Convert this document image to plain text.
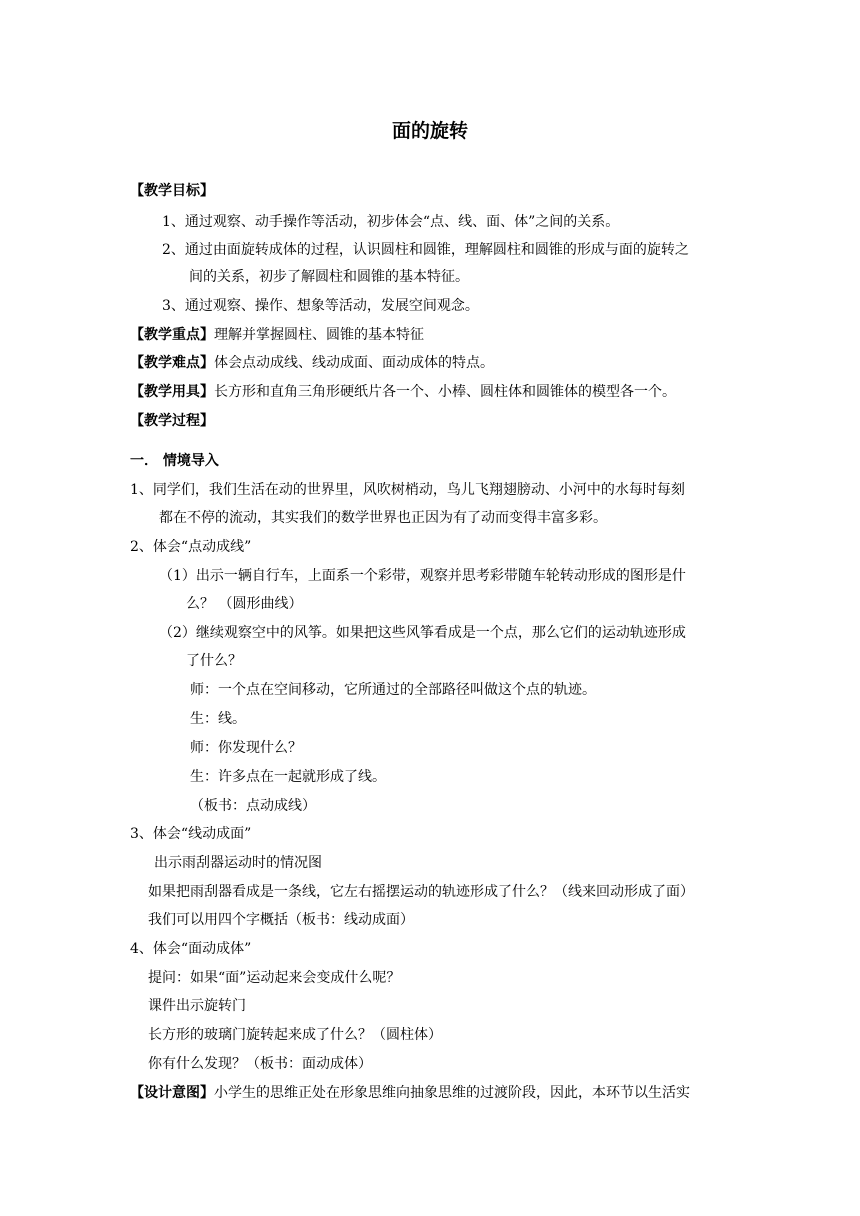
面的旋转
【教学目标】
1、通过观察、动手操作等活动，初步体会“点、线、面、体”之间的关系。
2、通过由面旋转成体的过程，认识圆柱和圆锥，理解圆柱和圆锥的形成与面的旋转之
间的关系，初步了解圆柱和圆锥的基本特征。
3、通过观察、操作、想象等活动，发展空间观念。
【教学重点】理解并掌握圆柱、圆锥的基本特征
【教学难点】体会点动成线、线动成面、面动成体的特点。
【教学用具】长方形和直角三角形硬纸片各一个、小棒、圆柱体和圆锥体的模型各一个。
【教学过程】
一． 情境导入
1、同学们，我们生活在动的世界里，风吹树梢动，鸟儿飞翔翅膀动、小河中的水每时每刻
都在不停的流动，其实我们的数学世界也正因为有了动而变得丰富多彩。
2、体会“点动成线”
（1）出示一辆自行车，上面系一个彩带，观察并思考彩带随车轮转动形成的图形是什
么？ （圆形曲线）
（2）继续观察空中的风筝。如果把这些风筝看成是一个点，那么它们的运动轨迹形成
了什么？
师：一个点在空间移动，它所通过的全部路径叫做这个点的轨迹。
生：线。
师：你发现什么？
生：许多点在一起就形成了线。
（板书：点动成线）
3、体会“线动成面”
出示雨刮器运动时的情况图
如果把雨刮器看成是一条线，它左右摇摆运动的轨迹形成了什么？（线来回动形成了面）
我们可以用四个字概括（板书：线动成面）
4、体会“面动成体”
提问：如果“面”运动起来会变成什么呢？
课件出示旋转门
长方形的玻璃门旋转起来成了什么？（圆柱体）
你有什么发现？（板书：面动成体）
【设计意图】小学生的思维正处在形象思维向抽象思维的过渡阶段，因此，本环节以生活实
